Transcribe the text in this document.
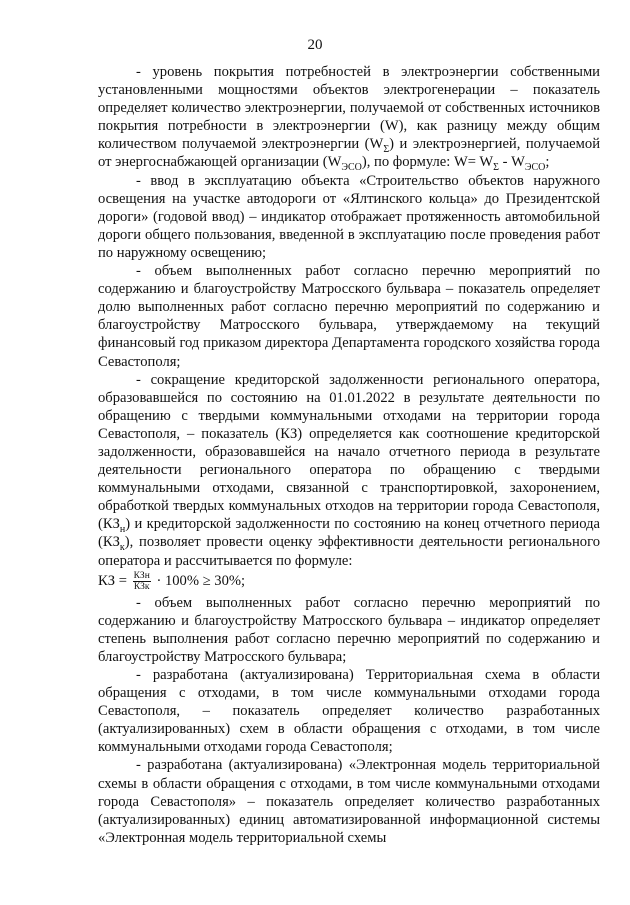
20

- уровень покрытия потребностей в электроэнергии собственными установленными мощностями объектов электрогенерации – показатель определяет количество электроэнергии, получаемой от собственных источников покрытия потребности в электроэнергии (W), как разницу между общим количеством получаемой электроэнергии $(W_\Sigma)$ и электроэнергией, получаемой от энергоснабжающей организации $(W_{ЭСО})$, по формуле: $W= W_\Sigma - W_{ЭСО}$;

- ввод в эксплуатацию объекта «Строительство объектов наружного освещения на участке автодороги от «Ялтинского кольца» до Президентской дороги» (годовой ввод) – индикатор отображает протяженность автомобильной дороги общего пользования, введенной в эксплуатацию после проведения работ по наружному освещению;

- объем выполненных работ согласно перечню мероприятий по содержанию и благоустройству Матросского бульвара – показатель определяет долю выполненных работ согласно перечню мероприятий по содержанию и благоустройству Матросского бульвара, утверждаемому на текущий финансовый год приказом директора Департамента городского хозяйства города Севастополя;

- сокращение кредиторской задолженности регионального оператора, образовавшейся по состоянию на 01.01.2022 в результате деятельности по обращению с твердыми коммунальными отходами на территории города Севастополя, – показатель (КЗ) определяется как соотношение кредиторской задолженности, образовавшейся на начало отчетного периода в результате деятельности регионального оператора по обращению с твердыми коммунальными отходами, связанной с транспортировкой, захоронением, обработкой твердых коммунальных отходов на территории города Севастополя, $(КЗ_н)$ и кредиторской задолженности по состоянию на конец отчетного периода $(КЗ_к)$, позволяет провести оценку эффективности деятельности регионального оператора и рассчитывается по формуле:

КЗ = $\frac{\text{КЗн}}{\text{КЗк}} \cdot 100\% \ge 30\%$;

- объем выполненных работ согласно перечню мероприятий по содержанию и благоустройству Матросского бульвара – индикатор определяет степень выполнения работ согласно перечню мероприятий по содержанию и благоустройству Матросского бульвара;

- разработана (актуализирована) Территориальная схема в области обращения с отходами, в том числе коммунальными отходами города Севастополя, – показатель определяет количество разработанных (актуализированных) схем в области обращения с отходами, в том числе коммунальными отходами города Севастополя;

- разработана (актуализирована) «Электронная модель территориальной схемы в области обращения с отходами, в том числе коммунальными отходами города Севастополя» – показатель определяет количество разработанных (актуализированных) единиц автоматизированной информационной системы «Электронная модель территориальной схемы
